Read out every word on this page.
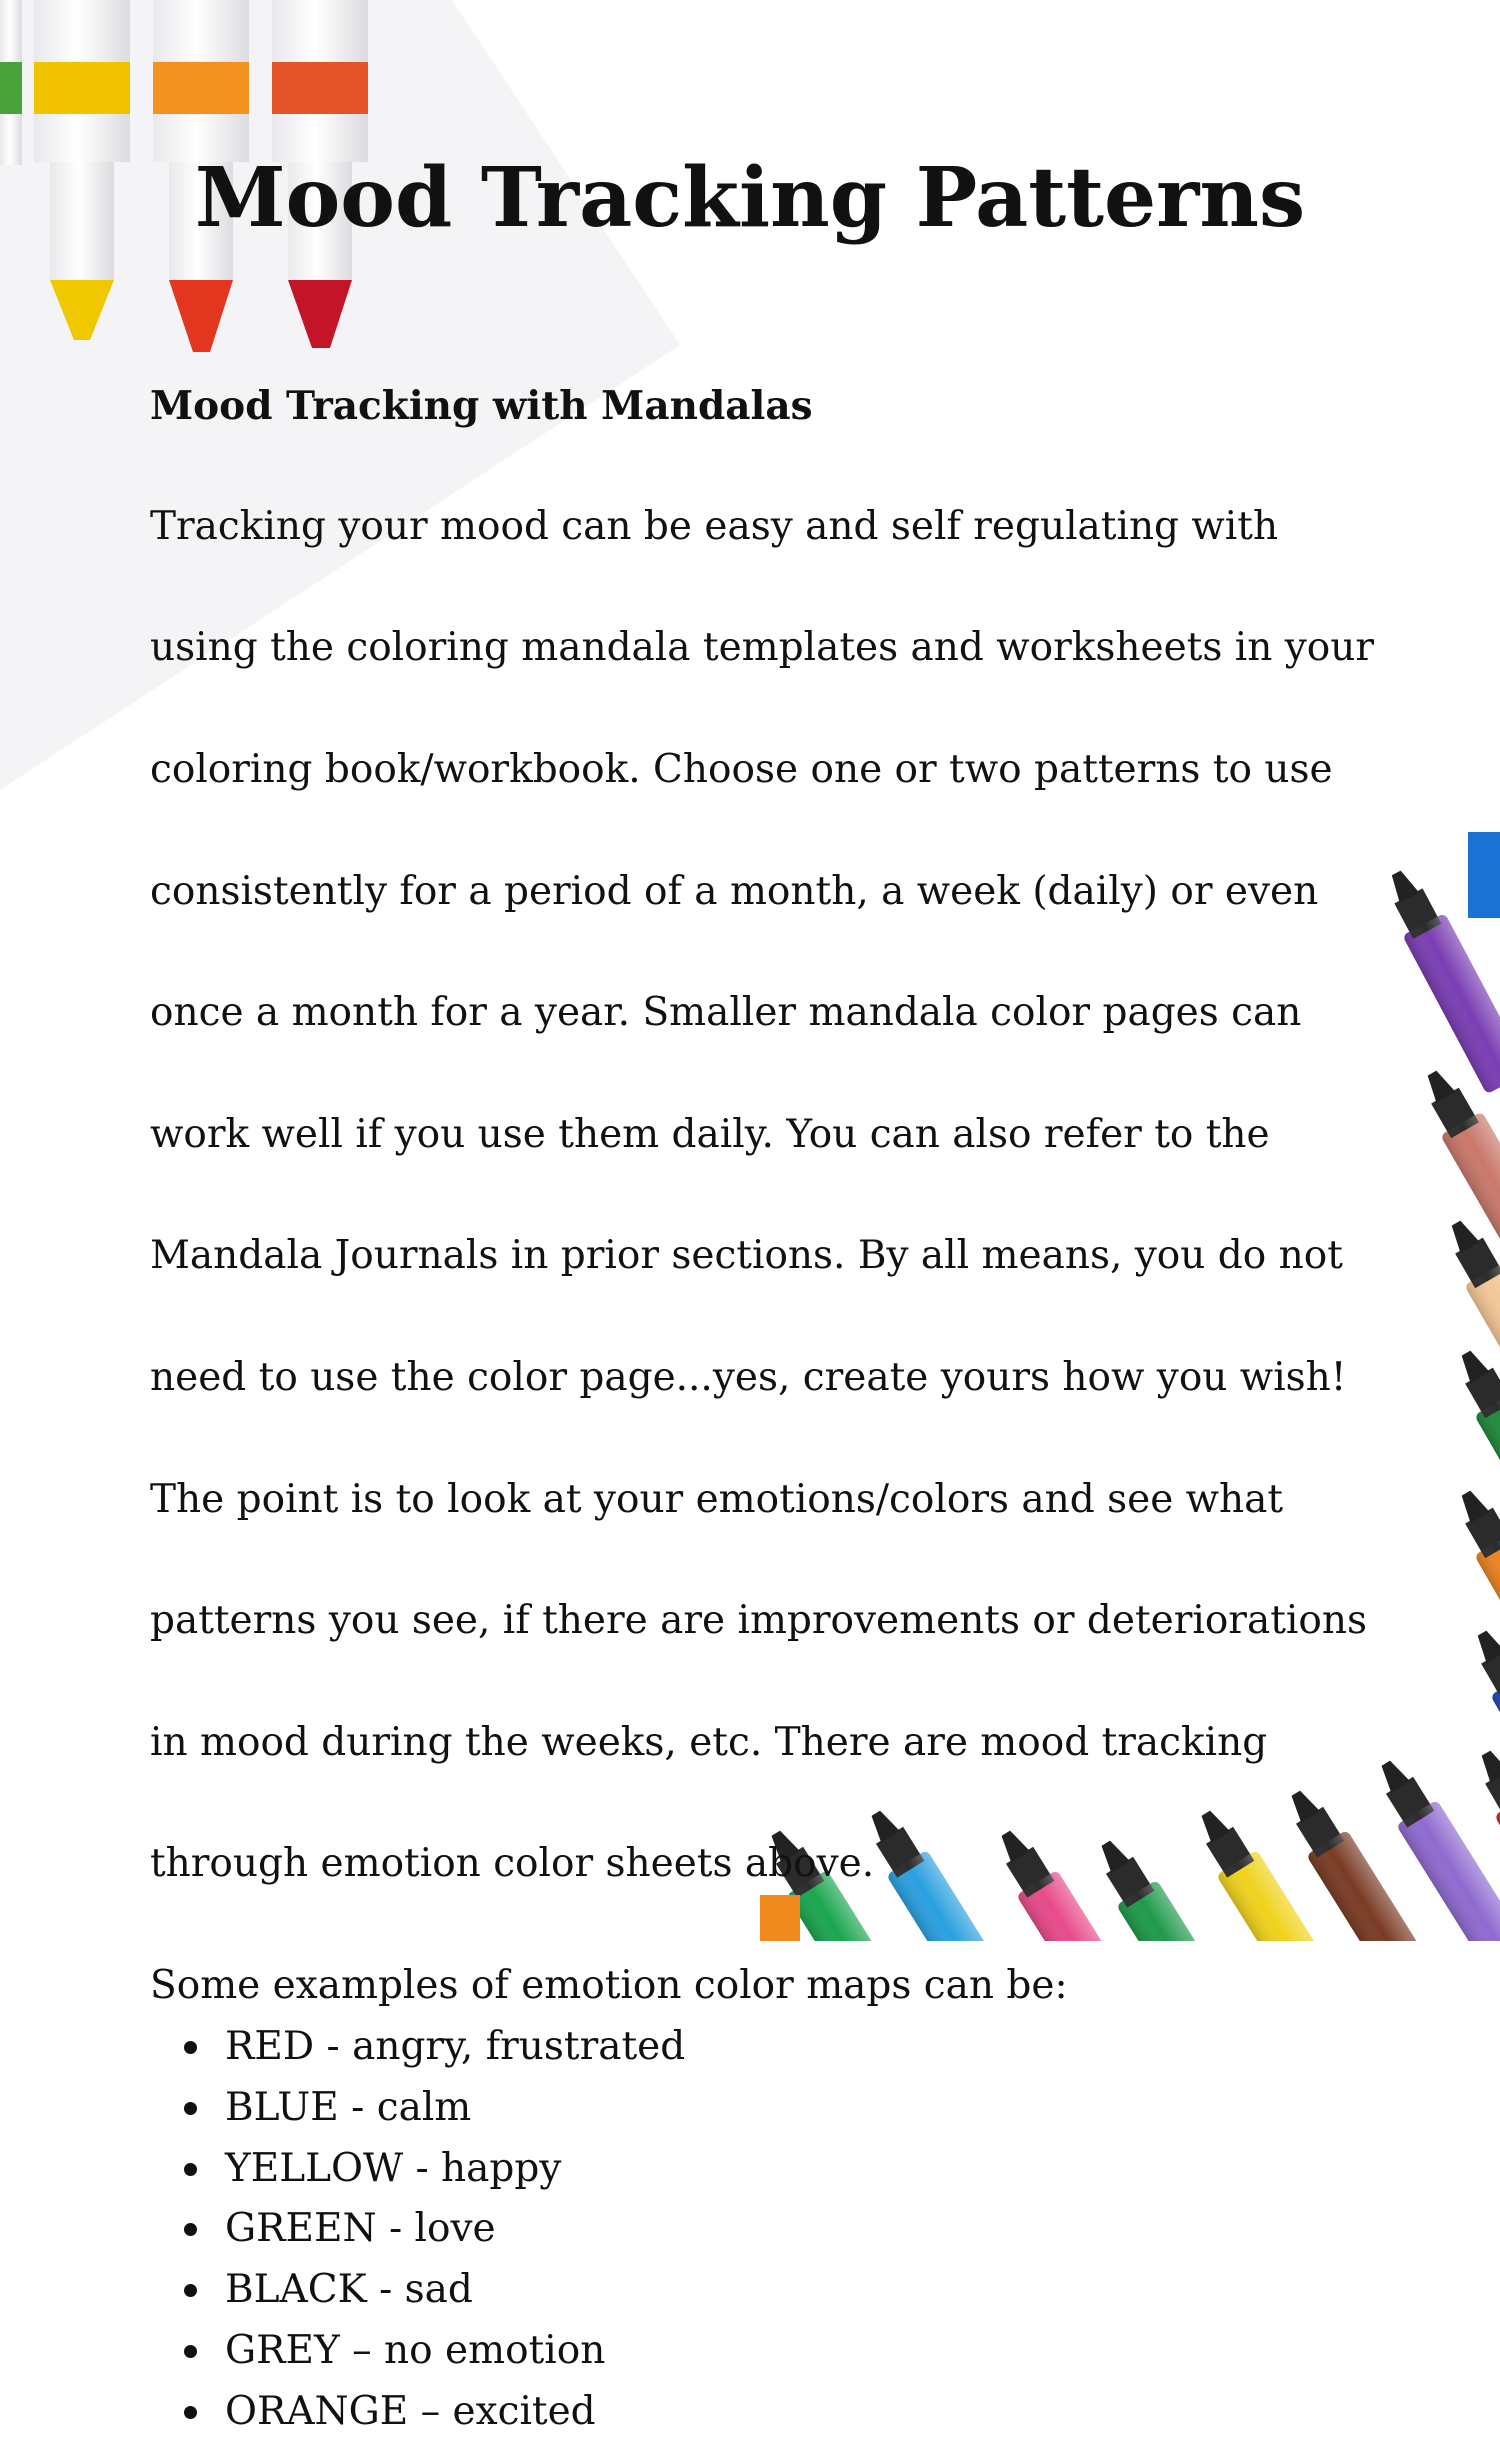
Mood Tracking Patterns

Mood Tracking with Mandalas

Tracking your mood can be easy and self regulating with

using the coloring mandala templates and worksheets in your

coloring book/workbook. Choose one or two patterns to use

consistently for a period of a month, a week (daily) or even

once a month for a year. Smaller mandala color pages can

work well if you use them daily. You can also refer to the

Mandala Journals in prior sections. By all means, you do not

need to use the color page...yes, create yours how you wish!

The point is to look at your emotions/colors and see what

patterns you see, if there are improvements or deteriorations

in mood during the weeks, etc. There are mood tracking

through emotion color sheets above.

Some examples of emotion color maps can be:

RED - angry, frustrated
BLUE - calm
YELLOW - happy
GREEN - love
BLACK - sad
GREY – no emotion
ORANGE – excited
